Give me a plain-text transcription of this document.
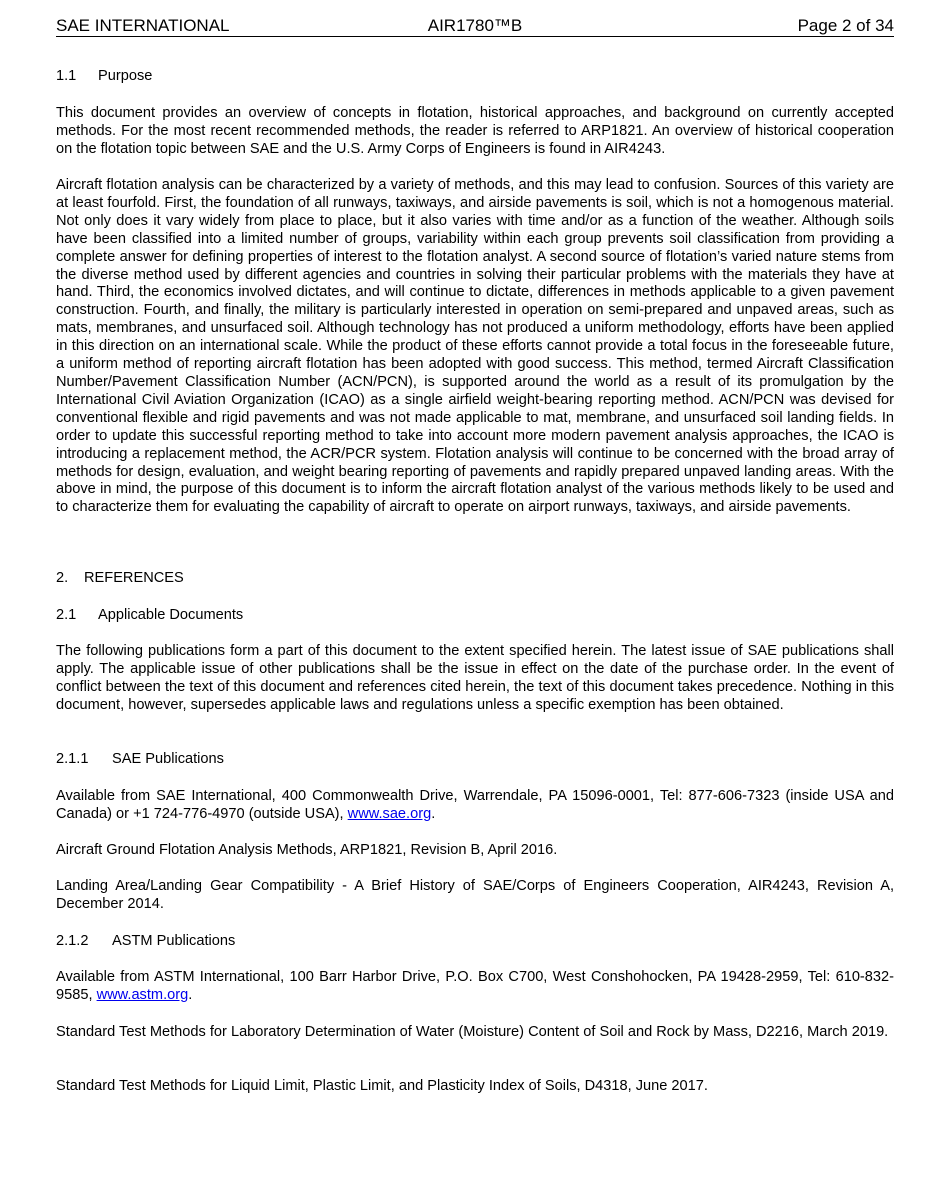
SAE INTERNATIONAL	AIR1780™B	Page 2 of 34

1.1 Purpose

This document provides an overview of concepts in flotation, historical approaches, and background on currently accepted methods. For the most recent recommended methods, the reader is referred to ARP1821. An overview of historical cooperation on the flotation topic between SAE and the U.S. Army Corps of Engineers is found in AIR4243.

Aircraft flotation analysis can be characterized by a variety of methods, and this may lead to confusion. Sources of this variety are at least fourfold. First, the foundation of all runways, taxiways, and airside pavements is soil, which is not a homogenous material. Not only does it vary widely from place to place, but it also varies with time and/or as a function of the weather. Although soils have been classified into a limited number of groups, variability within each group prevents soil classification from providing a complete answer for defining properties of interest to the flotation analyst. A second source of flotation’s varied nature stems from the diverse method used by different agencies and countries in solving their particular problems with the materials they have at hand. Third, the economics involved dictates, and will continue to dictate, differences in methods applicable to a given pavement construction. Fourth, and finally, the military is particularly interested in operation on semi-prepared and unpaved areas, such as mats, membranes, and unsurfaced soil. Although technology has not produced a uniform methodology, efforts have been applied in this direction on an international scale. While the product of these efforts cannot provide a total focus in the foreseeable future, a uniform method of reporting aircraft flotation has been adopted with good success. This method, termed Aircraft Classification Number/Pavement Classification Number (ACN/PCN), is supported around the world as a result of its promulgation by the International Civil Aviation Organization (ICAO) as a single airfield weight-bearing reporting method. ACN/PCN was devised for conventional flexible and rigid pavements and was not made applicable to mat, membrane, and unsurfaced soil landing fields. In order to update this successful reporting method to take into account more modern pavement analysis approaches, the ICAO is introducing a replacement method, the ACR/PCR system. Flotation analysis will continue to be concerned with the broad array of methods for design, evaluation, and weight bearing reporting of pavements and rapidly prepared unpaved landing areas. With the above in mind, the purpose of this document is to inform the aircraft flotation analyst of the various methods likely to be used and to characterize them for evaluating the capability of aircraft to operate on airport runways, taxiways, and airside pavements.

2. REFERENCES

2.1 Applicable Documents

The following publications form a part of this document to the extent specified herein. The latest issue of SAE publications shall apply. The applicable issue of other publications shall be the issue in effect on the date of the purchase order. In the event of conflict between the text of this document and references cited herein, the text of this document takes precedence. Nothing in this document, however, supersedes applicable laws and regulations unless a specific exemption has been obtained.

2.1.1 SAE Publications

Available from SAE International, 400 Commonwealth Drive, Warrendale, PA 15096-0001, Tel: 877-606-7323 (inside USA and Canada) or +1 724-776-4970 (outside USA), www.sae.org.

Aircraft Ground Flotation Analysis Methods, ARP1821, Revision B, April 2016.

Landing Area/Landing Gear Compatibility - A Brief History of SAE/Corps of Engineers Cooperation, AIR4243, Revision A, December 2014.

2.1.2 ASTM Publications

Available from ASTM International, 100 Barr Harbor Drive, P.O. Box C700, West Conshohocken, PA 19428-2959, Tel: 610-832-9585, www.astm.org.

Standard Test Methods for Laboratory Determination of Water (Moisture) Content of Soil and Rock by Mass, D2216, March 2019.

Standard Test Methods for Liquid Limit, Plastic Limit, and Plasticity Index of Soils, D4318, June 2017.
